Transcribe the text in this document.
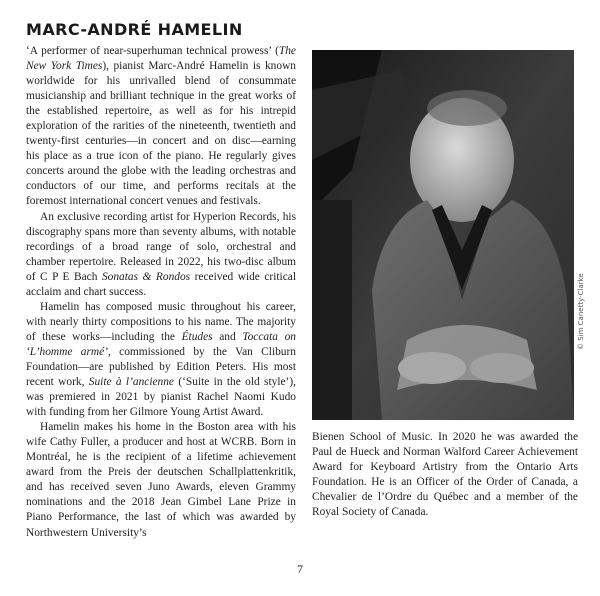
MARC-ANDRÉ HAMELIN

‘A performer of near-superhuman technical prowess’ (The New York Times), pianist Marc-André Hamelin is known worldwide for his unrivalled blend of consummate musicianship and brilliant technique in the great works of the established repertoire, as well as for his intrepid exploration of the rarities of the nineteenth, twentieth and twenty-first centuries—in concert and on disc—earning his place as a true icon of the piano. He regularly gives concerts around the globe with the leading orchestras and conductors of our time, and performs recitals at the foremost international concert venues and festivals.

An exclusive recording artist for Hyperion Records, his discography spans more than seventy albums, with notable recordings of a broad range of solo, orchestral and chamber repertoire. Released in 2022, his two-disc album of C P E Bach Sonatas & Rondos received wide critical acclaim and chart success.

Hamelin has composed music throughout his career, with nearly thirty compositions to his name. The majority of these works—including the Études and Toccata on ‘L’homme armé’, commissioned by the Van Cliburn Foundation—are published by Edition Peters. His most recent work, Suite à l’ancienne (‘Suite in the old style’), was premiered in 2021 by pianist Rachel Naomi Kudo with funding from her Gilmore Young Artist Award.

Hamelin makes his home in the Boston area with his wife Cathy Fuller, a producer and host at WCRB. Born in Montréal, he is the recipient of a lifetime achievement award from the Preis der deutschen Schallplattenkritik, and has received seven Juno Awards, eleven Grammy nominations and the 2018 Jean Gimbel Lane Prize in Piano Performance, the last of which was awarded by Northwestern University’s

© Sim Canetty-Clarke

Bienen School of Music. In 2020 he was awarded the Paul de Hueck and Norman Walford Career Achievement Award for Keyboard Artistry from the Ontario Arts Foundation. He is an Officer of the Order of Canada, a Chevalier de l’Ordre du Québec and a member of the Royal Society of Canada.

7
